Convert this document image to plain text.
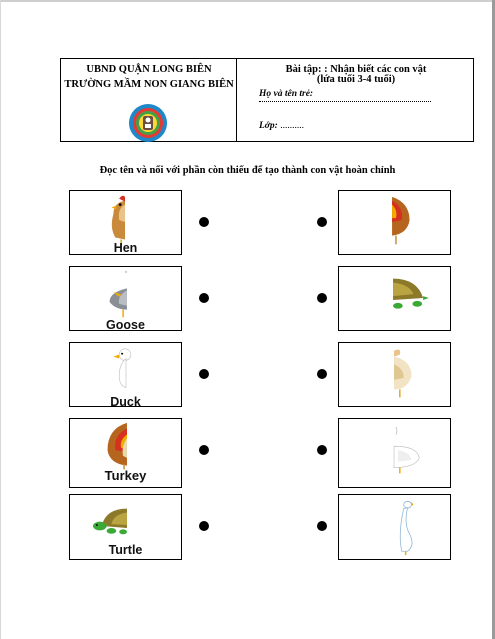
UBND QUẬN LONG BIÊN
TRƯỜNG MẦM NON GIANG BIÊN
Bài tập: : Nhận biết các con vật
(lứa tuổi 3-4 tuổi)
Họ và tên trẻ:
Lớp: ..........
Đọc tên và nối với phần còn thiếu để tạo thành con vật hoàn chỉnh
Hen
Goose
Duck
Turkey
Turtle
